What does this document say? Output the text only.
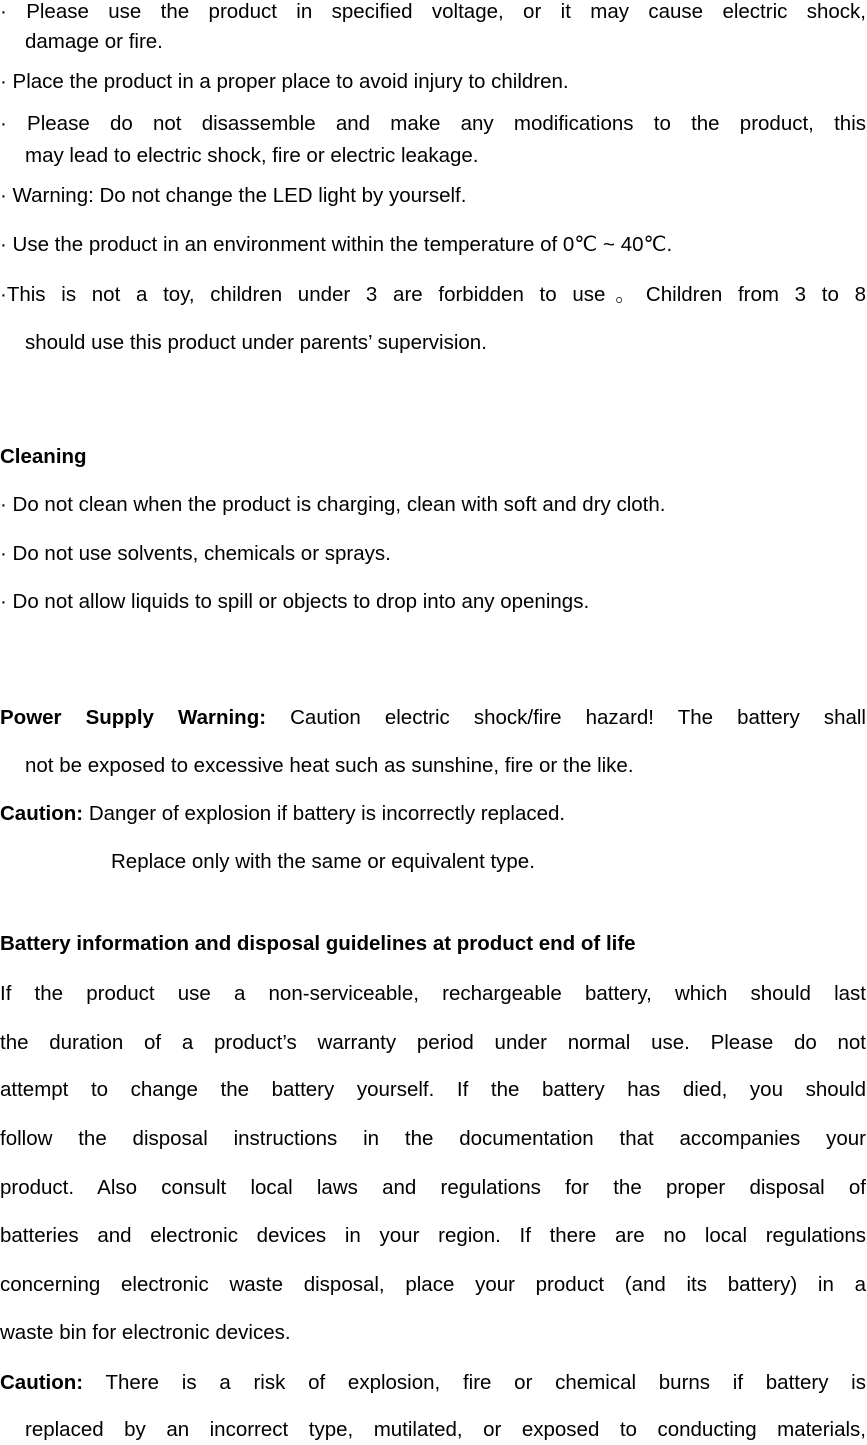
· Please use the product in specified voltage, or it may cause electric shock,
damage or fire.
· Place the product in a proper place to avoid injury to children.
· Please do not disassemble and make any modifications to the product, this
may lead to electric shock, fire or electric leakage.
· Warning: Do not change the LED light by yourself.
· Use the product in an environment within the temperature of 0℃ ~ 40℃.
·This is not a toy, children under 3 are forbidden to use。Children from 3 to 8
should use this product under parents’ supervision.
Cleaning
· Do not clean when the product is charging, clean with soft and dry cloth.
· Do not use solvents, chemicals or sprays.
· Do not allow liquids to spill or objects to drop into any openings.
Power Supply Warning: Caution electric shock/fire hazard! The battery shall
not be exposed to excessive heat such as sunshine, fire or the like.
Caution: Danger of explosion if battery is incorrectly replaced.
Replace only with the same or equivalent type.
Battery information and disposal guidelines at product end of life
If the product use a non-serviceable, rechargeable battery, which should last
the duration of a product’s warranty period under normal use. Please do not
attempt to change the battery yourself. If the battery has died, you should
follow the disposal instructions in the documentation that accompanies your
product. Also consult local laws and regulations for the proper disposal of
batteries and electronic devices in your region. If there are no local regulations
concerning electronic waste disposal, place your product (and its battery) in a
waste bin for electronic devices.
Caution: There is a risk of explosion, fire or chemical burns if battery is
replaced by an incorrect type, mutilated, or exposed to conducting materials,
